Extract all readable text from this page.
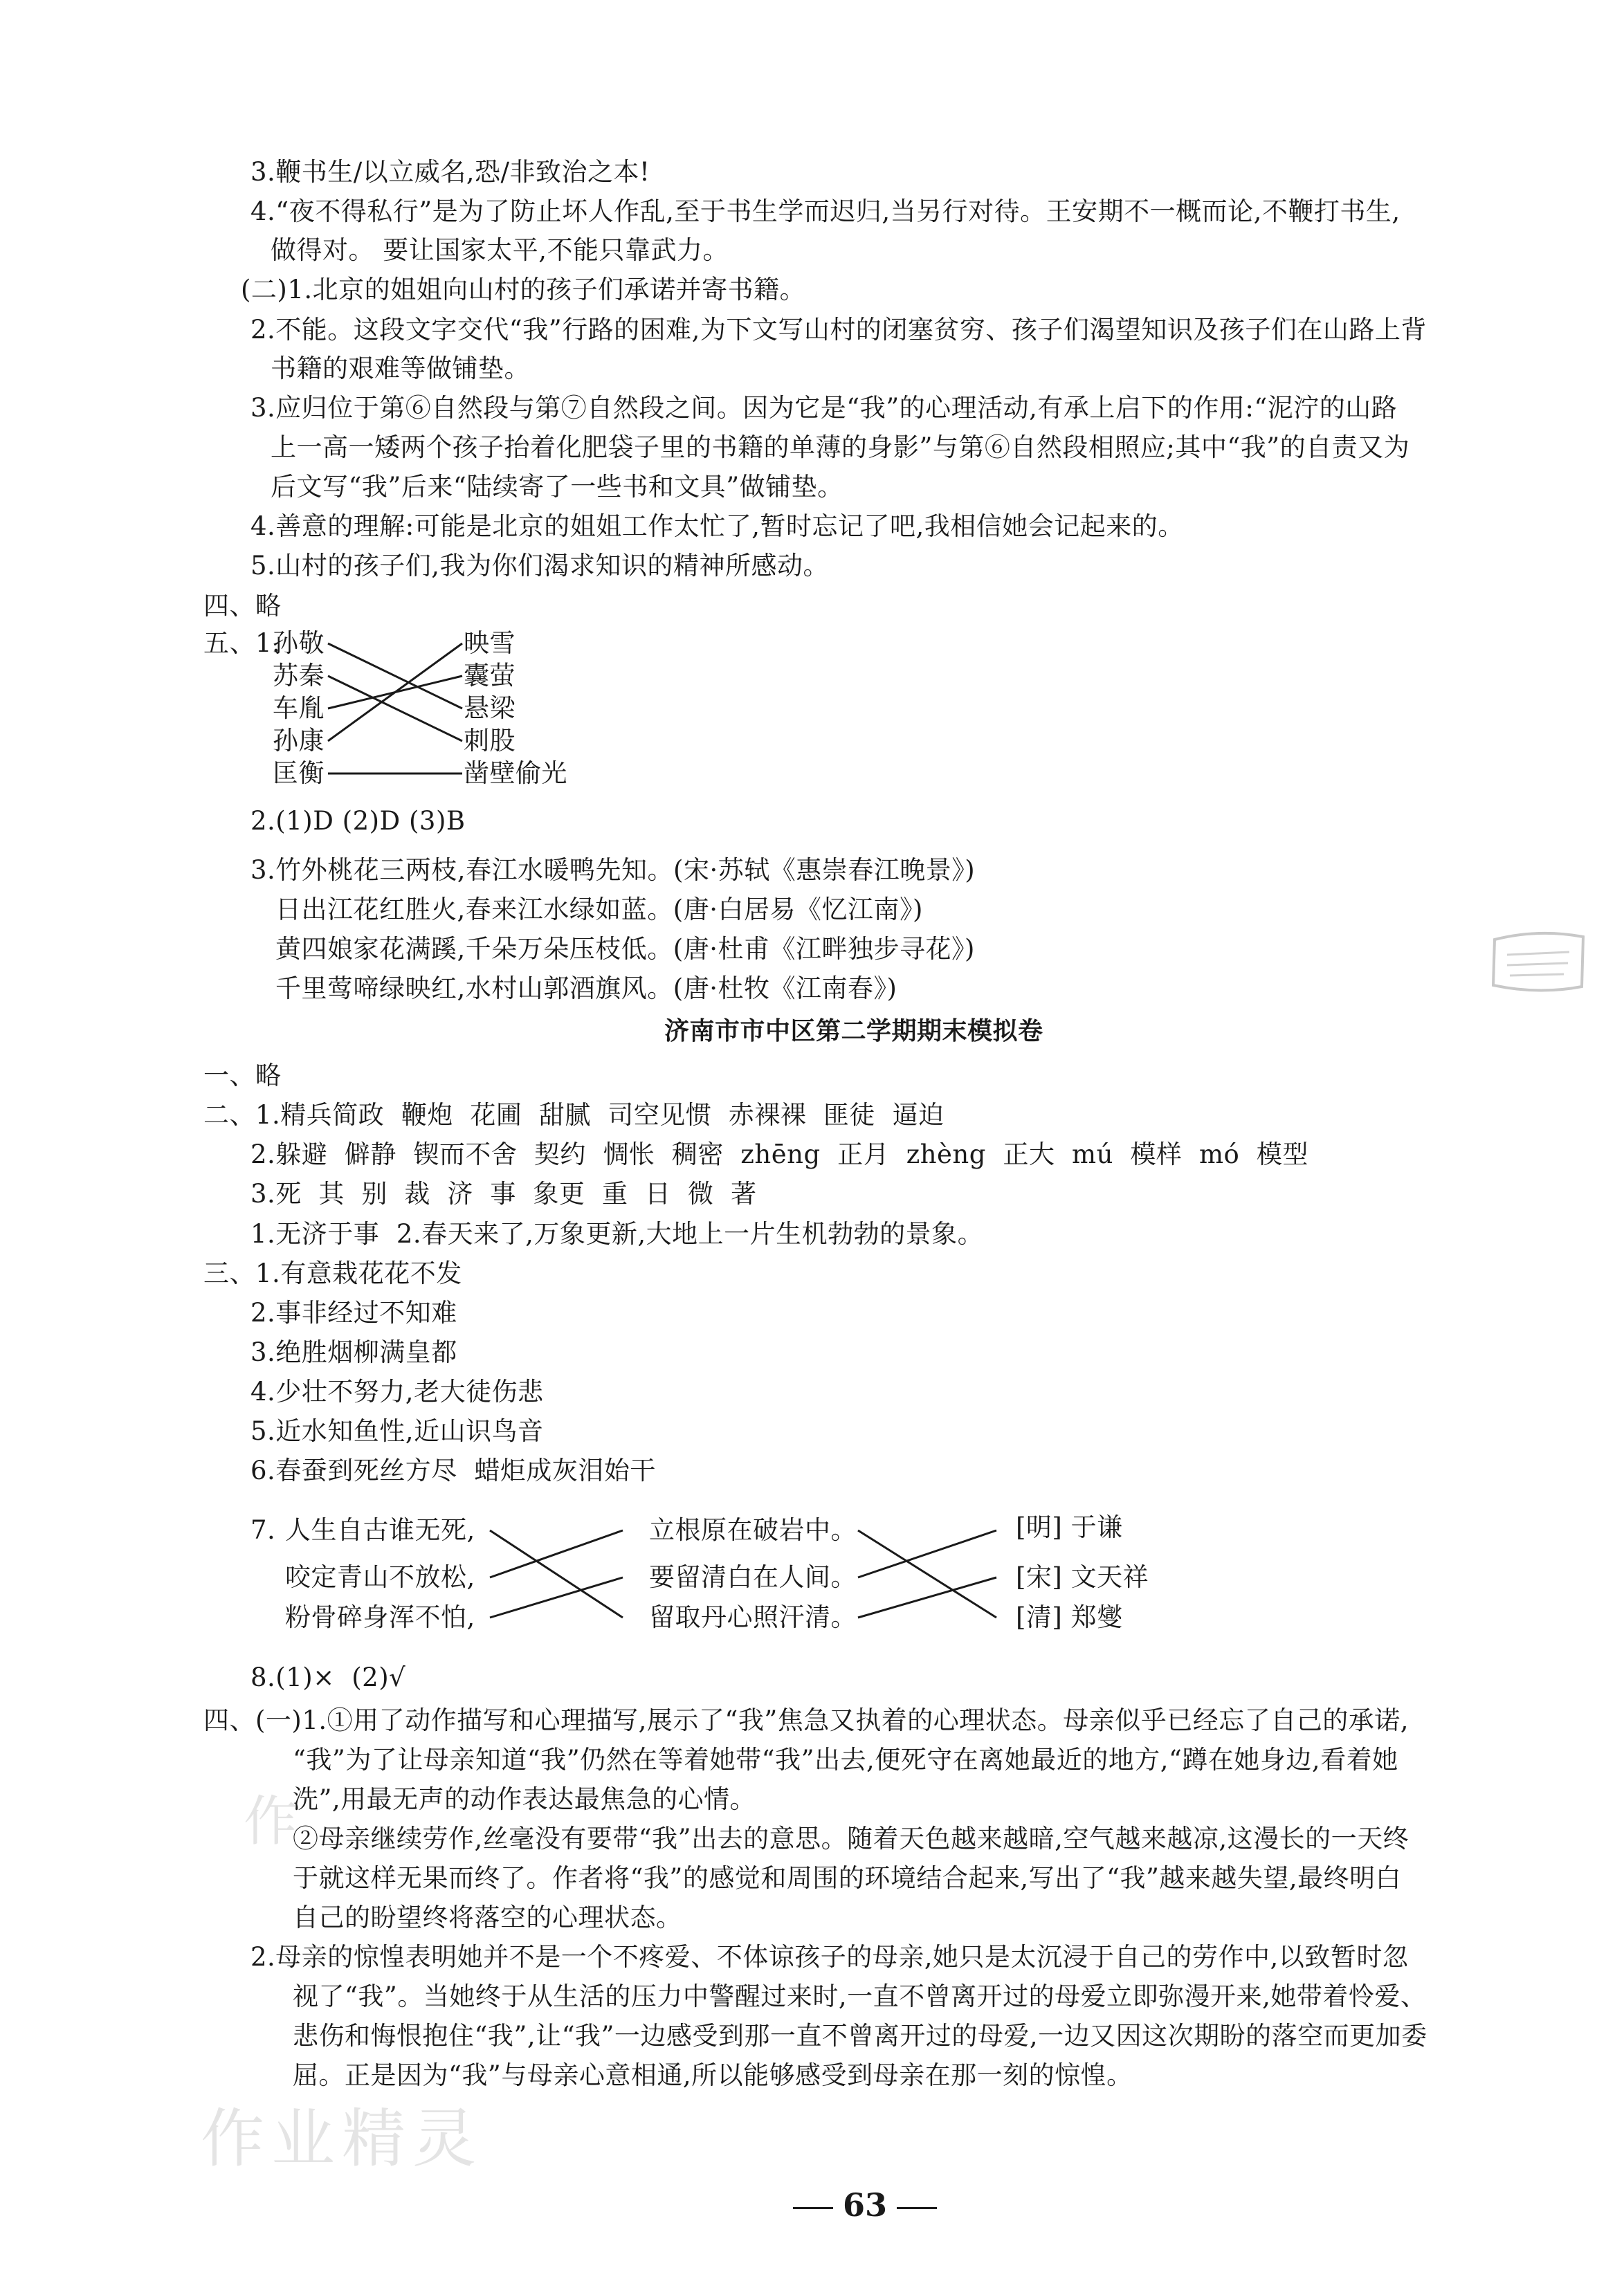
3.鞭书生/以立威名,恐/非致治之本!
4.“夜不得私行”是为了防止坏人作乱,至于书生学而迟归,当另行对待。王安期不一概而论,不鞭打书生,
做得对。 要让国家太平,不能只靠武力。
(二)1.北京的姐姐向山村的孩子们承诺并寄书籍。
2.不能。这段文字交代“我”行路的困难,为下文写山村的闭塞贫穷、孩子们渴望知识及孩子们在山路上背
书籍的艰难等做铺垫。
3.应归位于第⑥自然段与第⑦自然段之间。因为它是“我”的心理活动,有承上启下的作用:“泥泞的山路
上一高一矮两个孩子抬着化肥袋子里的书籍的单薄的身影”与第⑥自然段相照应;其中“我”的自责又为
后文写“我”后来“陆续寄了一些书和文具”做铺垫。
4.善意的理解:可能是北京的姐姐工作太忙了,暂时忘记了吧,我相信她会记起来的。
5.山村的孩子们,我为你们渴求知识的精神所感动。
四、略
五、1.
孙敬
苏秦
车胤
孙康
匡衡
映雪
囊萤
悬梁
刺股
凿壁偷光
2.(1)D (2)D (3)B
3.竹外桃花三两枝,春江水暖鸭先知。(宋·苏轼《惠崇春江晚景》)
日出江花红胜火,春来江水绿如蓝。(唐·白居易《忆江南》)
黄四娘家花满蹊,千朵万朵压枝低。(唐·杜甫《江畔独步寻花》)
千里莺啼绿映红,水村山郭酒旗风。(唐·杜牧《江南春》)
济南市市中区第二学期期末模拟卷
一、略
二、1.精兵简政  鞭炮  花圃  甜腻  司空见惯  赤裸裸  匪徒  逼迫
2.躲避  僻静  锲而不舍  契约  惆怅  稠密  zhēng  正月  zhèng  正大  mú  模样  mó  模型
3.死  其  别  裁  济  事  象更  重  日  微  著
1.无济于事  2.春天来了,万象更新,大地上一片生机勃勃的景象。
三、1.有意栽花花不发
2.事非经过不知难
3.绝胜烟柳满皇都
4.少壮不努力,老大徒伤悲
5.近水知鱼性,近山识鸟音
6.春蚕到死丝方尽  蜡炬成灰泪始干
7. 人生自古谁无死,
咬定青山不放松,
粉骨碎身浑不怕,
立根原在破岩中。
要留清白在人间。
留取丹心照汗清。
[明] 于谦
[宋] 文天祥
[清] 郑燮
8.(1)×  (2)√
四、(一)1.①用了动作描写和心理描写,展示了“我”焦急又执着的心理状态。母亲似乎已经忘了自己的承诺,
“我”为了让母亲知道“我”仍然在等着她带“我”出去,便死守在离她最近的地方,“蹲在她身边,看着她
洗”,用最无声的动作表达最焦急的心情。
②母亲继续劳作,丝毫没有要带“我”出去的意思。随着天色越来越暗,空气越来越凉,这漫长的一天终
于就这样无果而终了。作者将“我”的感觉和周围的环境结合起来,写出了“我”越来越失望,最终明白
自己的盼望终将落空的心理状态。
2.母亲的惊惶表明她并不是一个不疼爱、不体谅孩子的母亲,她只是太沉浸于自己的劳作中,以致暂时忽
视了“我”。当她终于从生活的压力中警醒过来时,一直不曾离开过的母爱立即弥漫开来,她带着怜爱、
悲伤和悔恨抱住“我”,让“我”一边感受到那一直不曾离开过的母爱,一边又因这次期盼的落空而更加委
屈。正是因为“我”与母亲心意相通,所以能够感受到母亲在那一刻的惊惶。
作
作业精灵
63
